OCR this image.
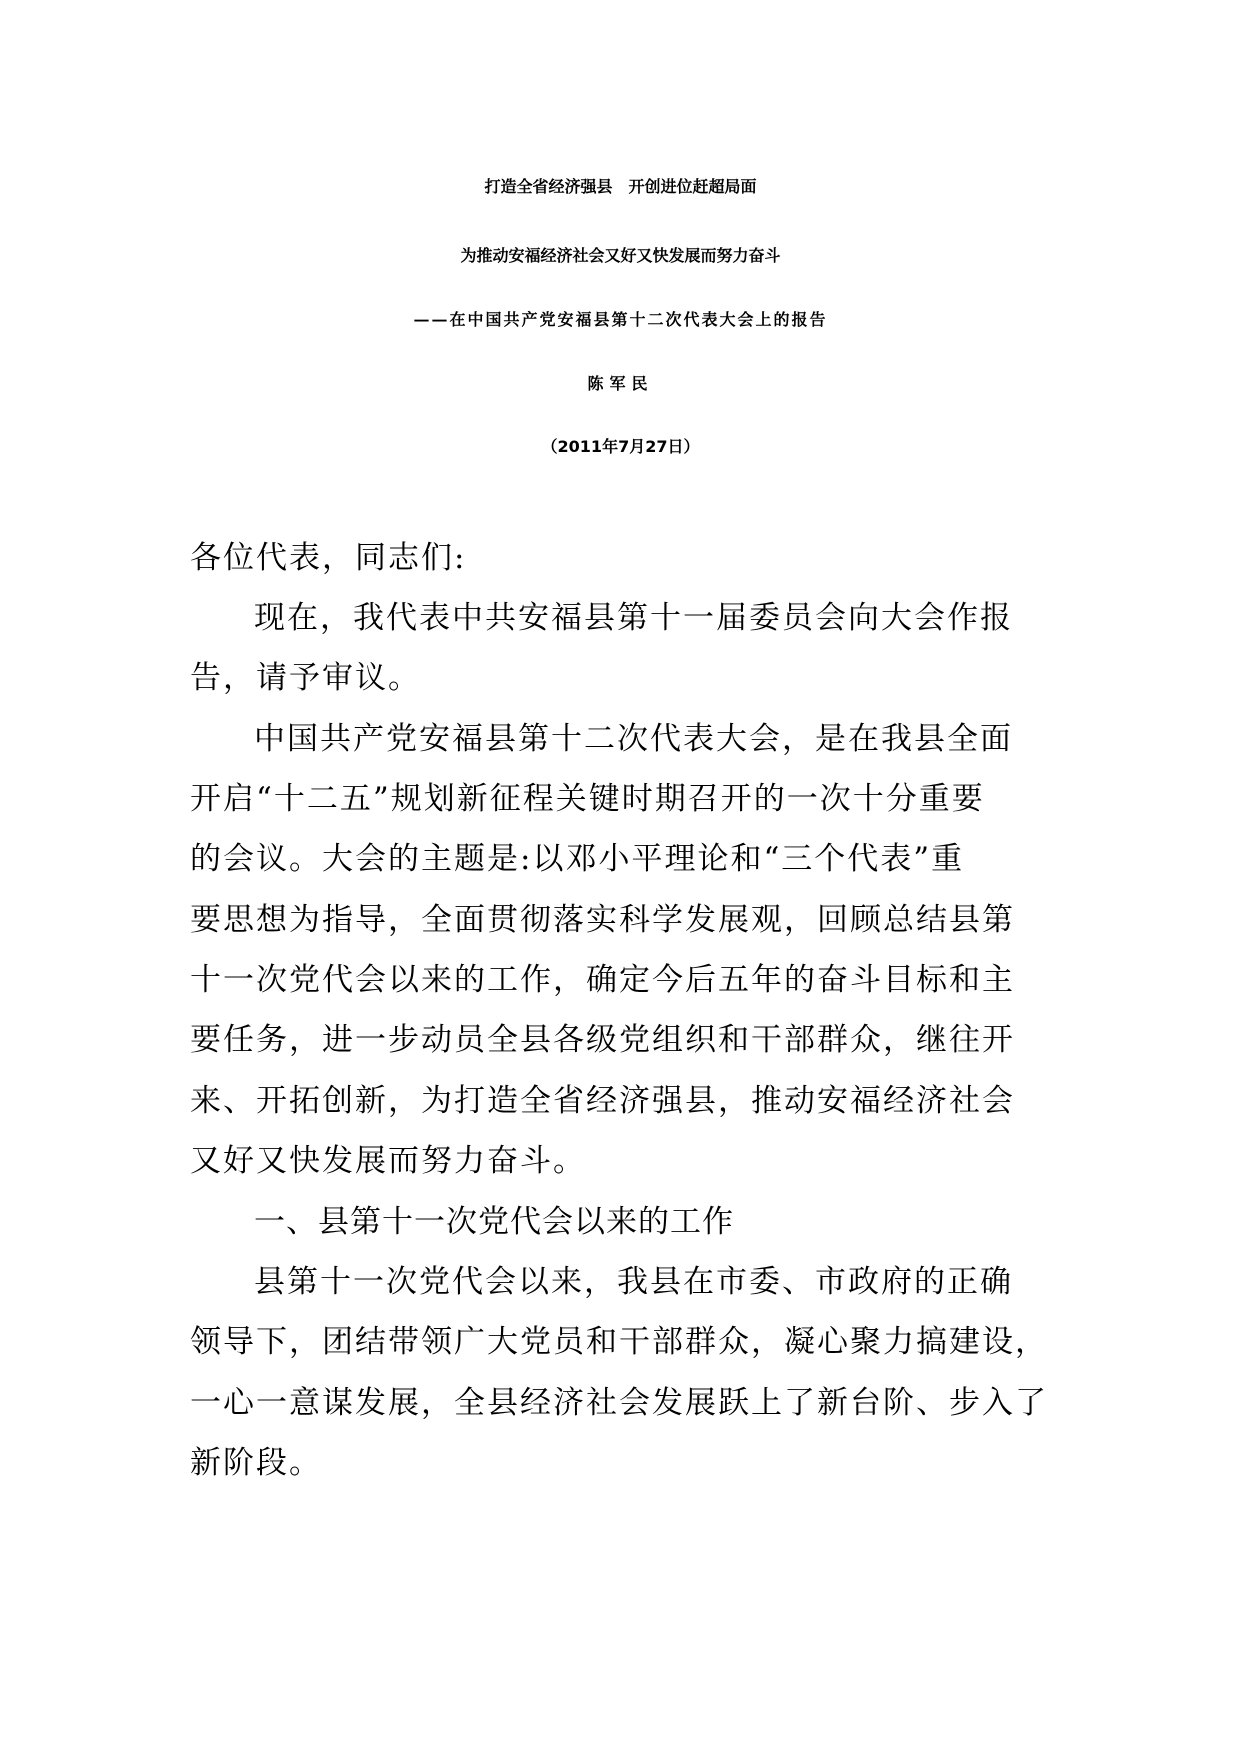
打造全省经济强县　开创进位赶超局面
为推动安福经济社会又好又快发展而努力奋斗
——在中国共产党安福县第十二次代表大会上的报告
陈军民
（2011年7月27日）
各位代表，同志们:
现在，我代表中共安福县第十一届委员会向大会作报
告，请予审议。
中国共产党安福县第十二次代表大会，是在我县全面
开启“十二五”规划新征程关键时期召开的一次十分重要
的会议。大会的主题是:以邓小平理论和“三个代表”重
要思想为指导，全面贯彻落实科学发展观，回顾总结县第
十一次党代会以来的工作，确定今后五年的奋斗目标和主
要任务，进一步动员全县各级党组织和干部群众，继往开
来、开拓创新，为打造全省经济强县，推动安福经济社会
又好又快发展而努力奋斗。
一、县第十一次党代会以来的工作
县第十一次党代会以来，我县在市委、市政府的正确
领导下，团结带领广大党员和干部群众，凝心聚力搞建设，
一心一意谋发展，全县经济社会发展跃上了新台阶、步入了
新阶段。
